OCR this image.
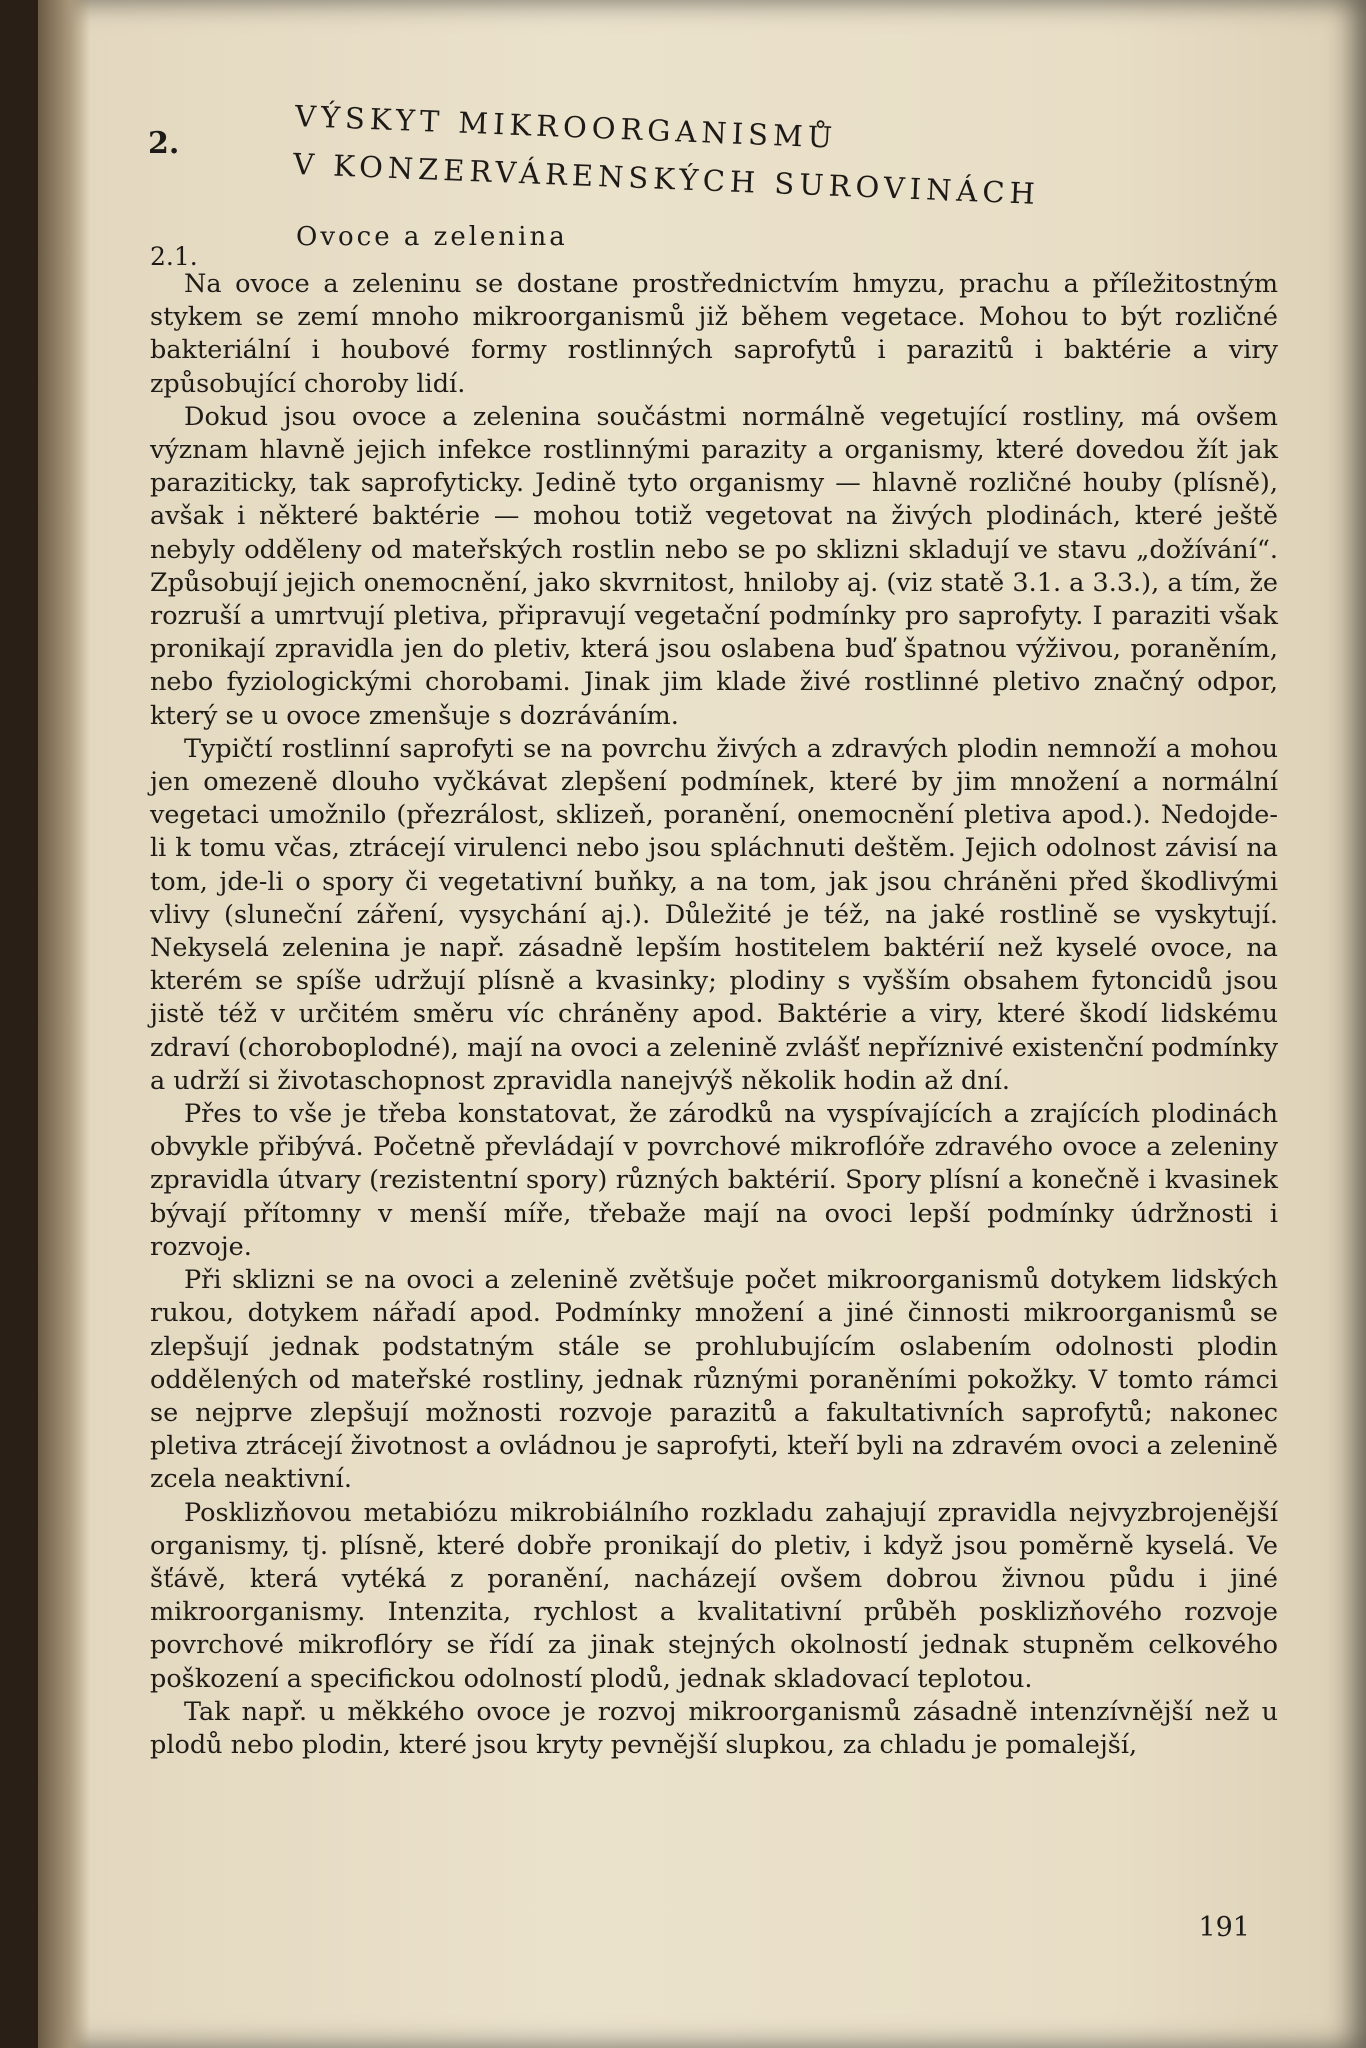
2.	VÝSKYT MIKROORGANISMŮ
V KONZERVÁRENSKÝCH SUROVINÁCH
2.1.
Ovoce a zelenina

Na ovoce a zeleninu se dostane prostřednictvím hmyzu, prachu a příležitostným stykem se zemí mnoho mikroorganismů již během vegetace. Mohou to být rozličné bakteriální i houbové formy rostlinných saprofytů i parazitů i baktérie a viry způsobující choroby lidí.

Dokud jsou ovoce a zelenina součástmi normálně vegetující rostliny, má ovšem význam hlavně jejich infekce rostlinnými parazity a organismy, které dovedou žít jak paraziticky, tak saprofyticky. Jedině tyto organismy — hlavně rozličné houby (plísně), avšak i některé baktérie — mohou totiž vegetovat na živých plodinách, které ještě nebyly odděleny od mateřských rostlin nebo se po sklizni skladují ve stavu „dožívání“. Způsobují jejich onemocnění, jako skvrnitost, hniloby aj. (viz statě 3.1. a 3.3.), a tím, že rozruší a umrtvují pletiva, připravují vegetační podmínky pro saprofyty. I paraziti však pronikají zpravidla jen do pletiv, která jsou oslabena buď špatnou výživou, poraněním, nebo fyziologickými chorobami. Jinak jim klade živé rostlinné pletivo značný odpor, který se u ovoce zmenšuje s dozráváním.

Typičtí rostlinní saprofyti se na povrchu živých a zdravých plodin nemnoží a mohou jen omezeně dlouho vyčkávat zlepšení podmínek, které by jim množení a normální vegetaci umožnilo (přezrálost, sklizeň, poranění, onemocnění pletiva apod.). Nedojde-li k tomu včas, ztrácejí virulenci nebo jsou spláchnuti deštěm. Jejich odolnost závisí na tom, jde-li o spory či vegetativní buňky, a na tom, jak jsou chráněni před škodlivými vlivy (sluneční záření, vysychání aj.). Důležité je též, na jaké rostlině se vyskytují. Nekyselá zelenina je např. zásadně lepším hostitelem baktérií než kyselé ovoce, na kterém se spíše udržují plísně a kvasinky; plodiny s vyšším obsahem fytoncidů jsou jistě též v určitém směru víc chráněny apod. Baktérie a viry, které škodí lidskému zdraví (choroboplodné), mají na ovoci a zelenině zvlášť nepříznivé existenční podmínky a udrží si životaschopnost zpravidla nanejvýš několik hodin až dní.

Přes to vše je třeba konstatovat, že zárodků na vyspívajících a zrajících plodinách obvykle přibývá. Početně převládají v povrchové mikroflóře zdravého ovoce a zeleniny zpravidla útvary (rezistentní spory) různých baktérií. Spory plísní a konečně i kvasinek bývají přítomny v menší míře, třebaže mají na ovoci lepší podmínky údržnosti i rozvoje.

Při sklizni se na ovoci a zelenině zvětšuje počet mikroorganismů dotykem lidských rukou, dotykem nářadí apod. Podmínky množení a jiné činnosti mikroorganismů se zlepšují jednak podstatným stále se prohlubujícím oslabením odolnosti plodin oddělených od mateřské rostliny, jednak různými poraněními pokožky. V tomto rámci se nejprve zlepšují možnosti rozvoje parazitů a fakultativních saprofytů; nakonec pletiva ztrácejí životnost a ovládnou je saprofyti, kteří byli na zdravém ovoci a zelenině zcela neaktivní.

Posklizňovou metabiózu mikrobiálního rozkladu zahajují zpravidla nejvyzbrojenější organismy, tj. plísně, které dobře pronikají do pletiv, i když jsou poměrně kyselá. Ve šťávě, která vytéká z poranění, nacházejí ovšem dobrou živnou půdu i jiné mikroorganismy. Intenzita, rychlost a kvalitativní průběh posklizňového rozvoje povrchové mikroflóry se řídí za jinak stejných okolností jednak stupněm celkového poškození a specifickou odolností plodů, jednak skladovací teplotou.

Tak např. u měkkého ovoce je rozvoj mikroorganismů zásadně intenzívnější než u plodů nebo plodin, které jsou kryty pevnější slupkou, za chladu je pomalejší,

191
